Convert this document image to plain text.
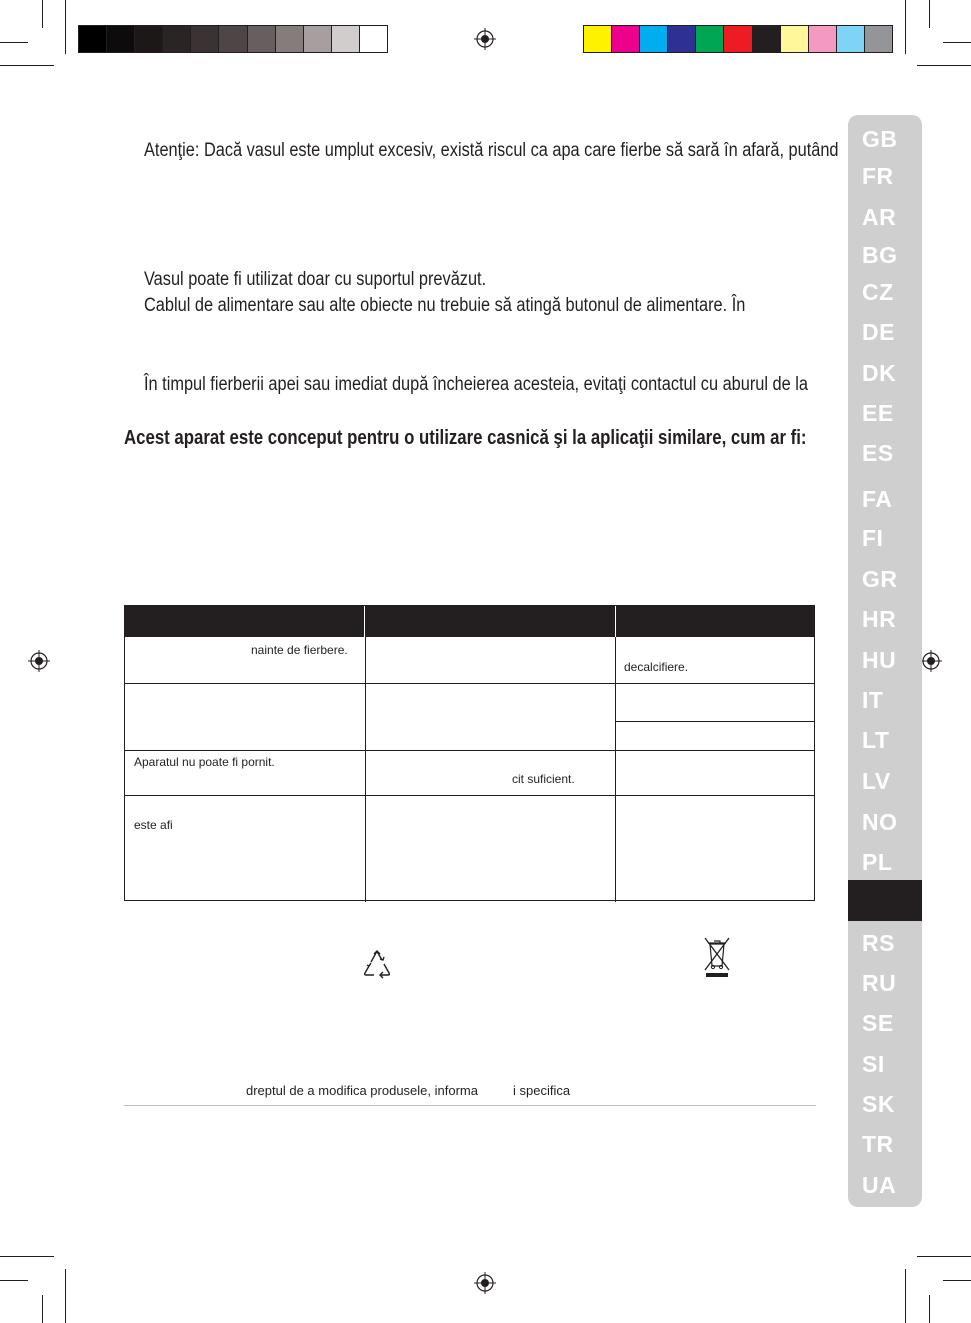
Atenţie: Dacă vasul este umplut excesiv, există riscul ca apa care fierbe să sară în afară, putând
Vasul poate fi utilizat doar cu suportul prevăzut.
Cablul de alimentare sau alte obiecte nu trebuie să atingă butonul de alimentare. În
În timpul fierberii apei sau imediat după încheierea acesteia, evitaţi contactul cu aburul de la
Acest aparat este conceput pentru o utilizare casnică şi la aplicaţii similare, cum ar fi:
nainte de fierbere.
decalcifiere.
Aparatul nu poate fi pornit.
cit suficient.
este afi
dreptul de a modifica produsele, informa	i specifica
GB
FR
AR
BG
CZ
DE
DK
EE
ES
FA
FI
GR
HR
HU
IT
LT
LV
NO
PL
RS
RU
SE
SI
SK
TR
UA
